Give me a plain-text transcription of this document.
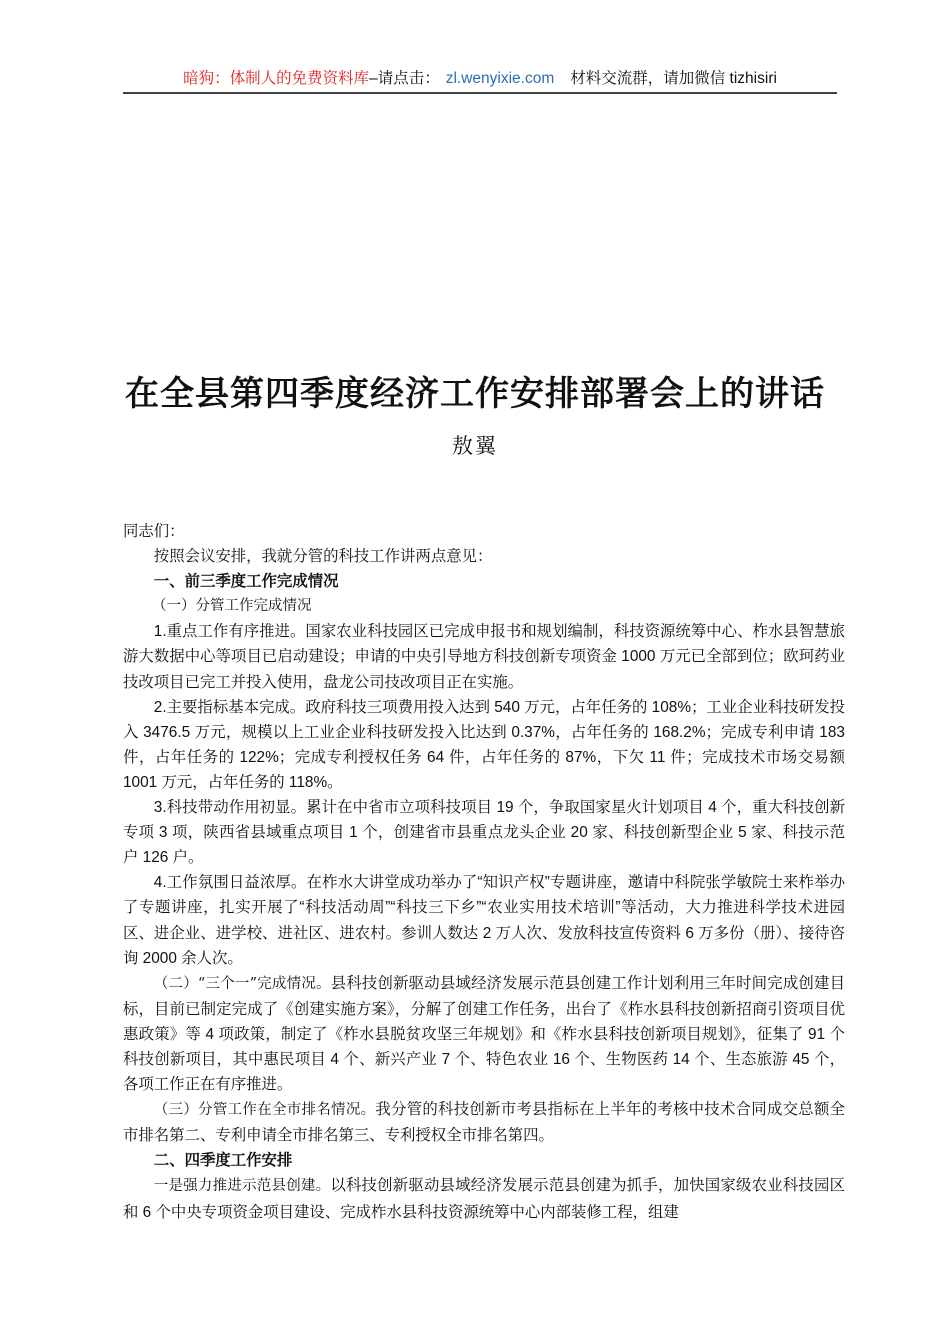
暗狗：体制人的免费资料库–请点击： zl.wenyixie.com 材料交流群，请加微信 tizhisiri
在全县第四季度经济工作安排部署会上的讲话
敖翼

同志们：

按照会议安排，我就分管的科技工作讲两点意见：

一、前三季度工作完成情况

（一）分管工作完成情况

1.重点工作有序推进。国家农业科技园区已完成申报书和规划编制，科技资源统筹中心、柞水县智慧旅游大数据中心等项目已启动建设；申请的中央引导地方科技创新专项资金 1000 万元已全部到位；欧珂药业技改项目已完工并投入使用，盘龙公司技改项目正在实施。

2.主要指标基本完成。政府科技三项费用投入达到 540 万元，占年任务的 108%；工业企业科技研发投入 3476.5 万元，规模以上工业企业科技研发投入比达到 0.37%，占年任务的 168.2%；完成专利申请 183 件，占年任务的 122%；完成专利授权任务 64 件，占年任务的 87%，下欠 11 件；完成技术市场交易额 1001 万元，占年任务的 118%。

3.科技带动作用初显。累计在中省市立项科技项目 19 个，争取国家星火计划项目 4 个，重大科技创新专项 3 项，陕西省县域重点项目 1 个，创建省市县重点龙头企业 20 家、科技创新型企业 5 家、科技示范户 126 户。

4.工作氛围日益浓厚。在柞水大讲堂成功举办了“知识产权”专题讲座，邀请中科院张学敏院士来柞举办了专题讲座，扎实开展了“科技活动周”“科技三下乡”“农业实用技术培训”等活动，大力推进科学技术进园区、进企业、进学校、进社区、进农村。参训人数达 2 万人次、发放科技宣传资料 6 万多份（册）、接待咨询 2000 余人次。

（二）“三个一”完成情况。县科技创新驱动县域经济发展示范县创建工作计划利用三年时间完成创建目标，目前已制定完成了《创建实施方案》，分解了创建工作任务，出台了《柞水县科技创新招商引资项目优惠政策》等 4 项政策，制定了《柞水县脱贫攻坚三年规划》和《柞水县科技创新项目规划》，征集了 91 个科技创新项目，其中惠民项目 4 个、新兴产业 7 个、特色农业 16 个、生物医药 14 个、生态旅游 45 个，各项工作正在有序推进。

（三）分管工作在全市排名情况。我分管的科技创新市考县指标在上半年的考核中技术合同成交总额全市排名第二、专利申请全市排名第三、专利授权全市排名第四。

二、四季度工作安排

一是强力推进示范县创建。以科技创新驱动县域经济发展示范县创建为抓手，加快国家级农业科技园区和 6 个中央专项资金项目建设、完成柞水县科技资源统筹中心内部装修工程，组建
